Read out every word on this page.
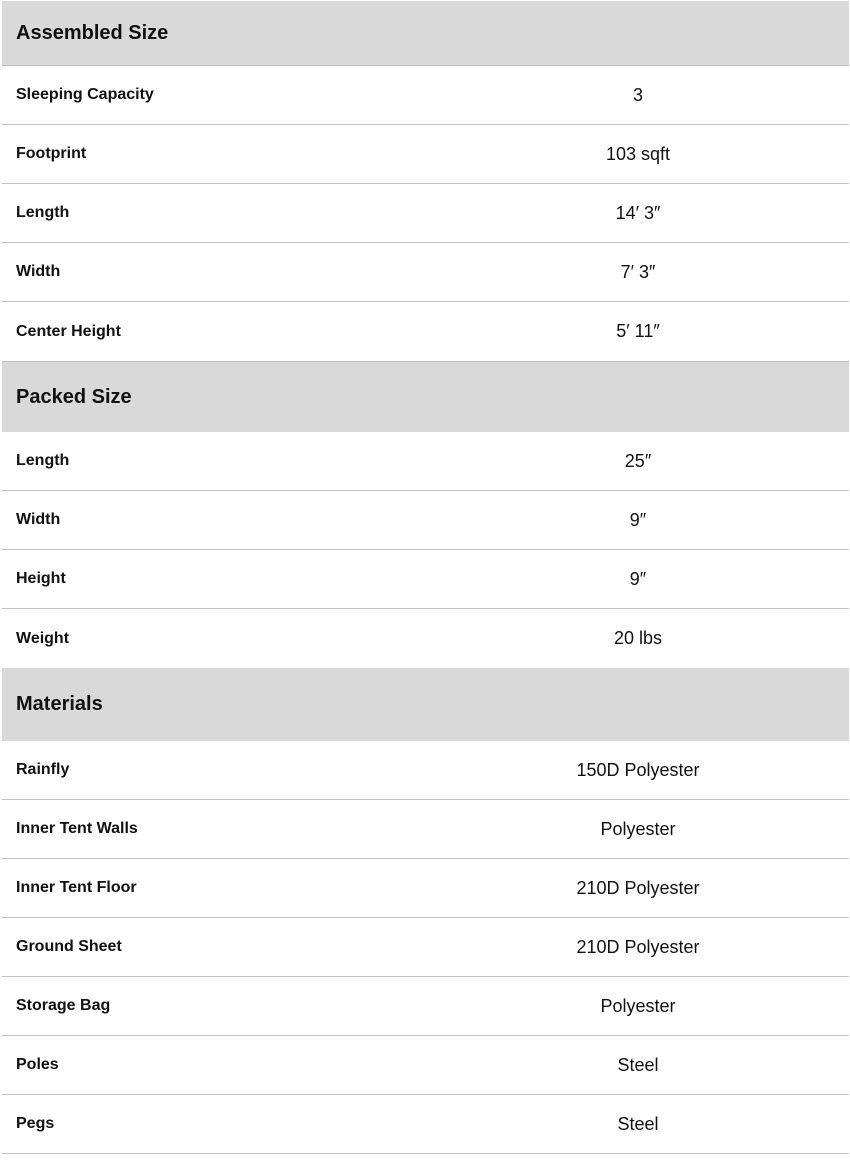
Assembled Size
Sleeping Capacity	3
Footprint	103 sqft
Length	14′ 3″
Width	7′ 3″
Center Height	5′ 11″
Packed Size
Length	25″
Width	9″
Height	9″
Weight	20 lbs
Materials
Rainfly	150D Polyester
Inner Tent Walls	Polyester
Inner Tent Floor	210D Polyester
Ground Sheet	210D Polyester
Storage Bag	Polyester
Poles	Steel
Pegs	Steel
